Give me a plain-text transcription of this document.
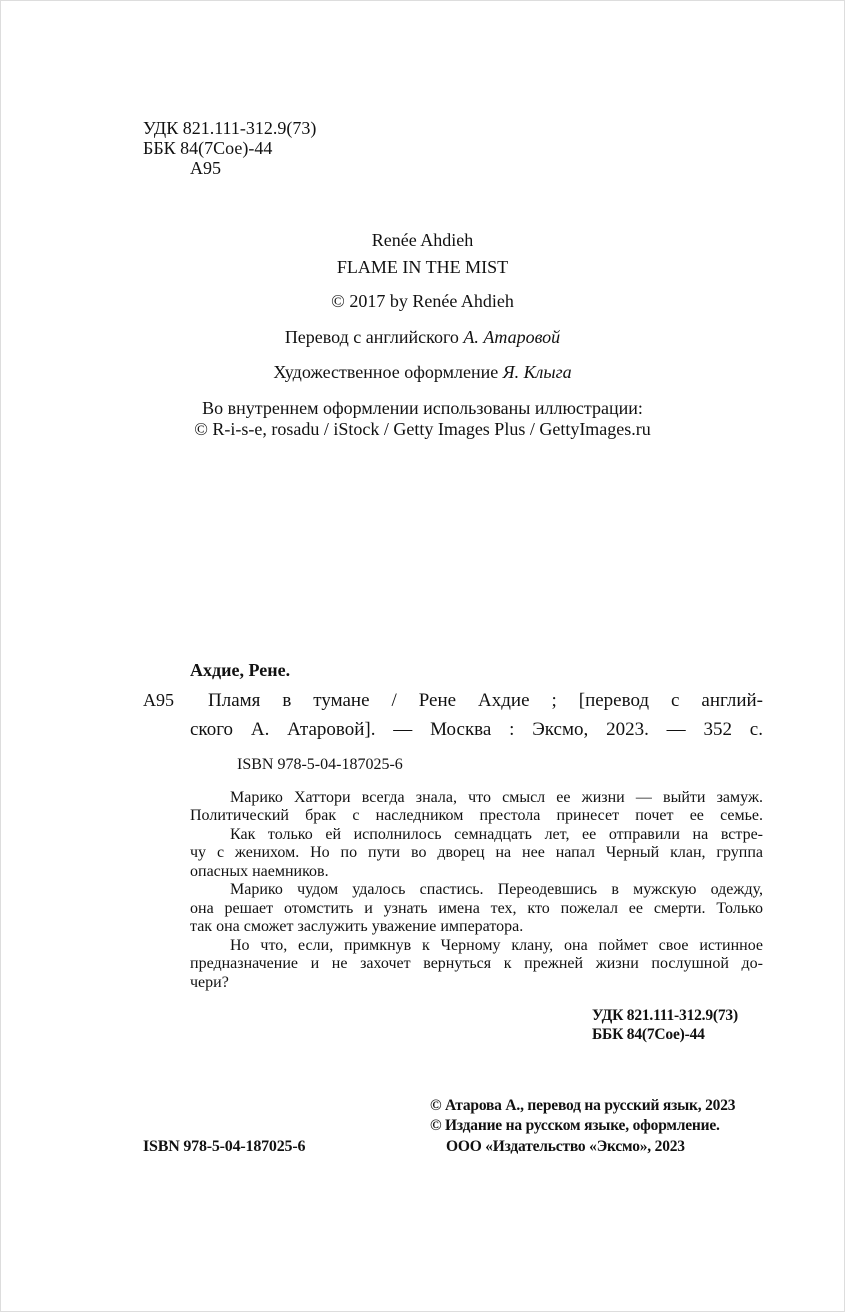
УДК 821.111-312.9(73)
ББК 84(7Сое)-44
А95
Renée Ahdieh
FLAME IN THE MIST
© 2017 by Renée Ahdieh
Перевод с английского А. Атаровой
Художественное оформление Я. Клыга
Во внутреннем оформлении использованы иллюстрации:
© R-i-s-e, rosadu / iStock / Getty Images Plus / GettyImages.ru
Ахдие, Рене.
А95 Пламя в тумане / Рене Ахдие ; [перевод с англий-
ского А. Атаровой]. — Москва : Эксмо, 2023. — 352 с.
ISBN 978-5-04-187025-6
Марико Хаттори всегда знала, что смысл ее жизни — выйти замуж.
Политический брак с наследником престола принесет почет ее семье.
Как только ей исполнилось семнадцать лет, ее отправили на встре-
чу с женихом. Но по пути во дворец на нее напал Черный клан, группа
опасных наемников.
Марико чудом удалось спастись. Переодевшись в мужскую одежду,
она решает отомстить и узнать имена тех, кто пожелал ее смерти. Только
так она сможет заслужить уважение императора.
Но что, если, примкнув к Черному клану, она поймет свое истинное
предназначение и не захочет вернуться к прежней жизни послушной до-
чери?
УДК 821.111-312.9(73)
ББК 84(7Сое)-44
© Атарова А., перевод на русский язык, 2023
© Издание на русском языке, оформление.
ООО «Издательство «Эксмо», 2023
ISBN 978-5-04-187025-6
